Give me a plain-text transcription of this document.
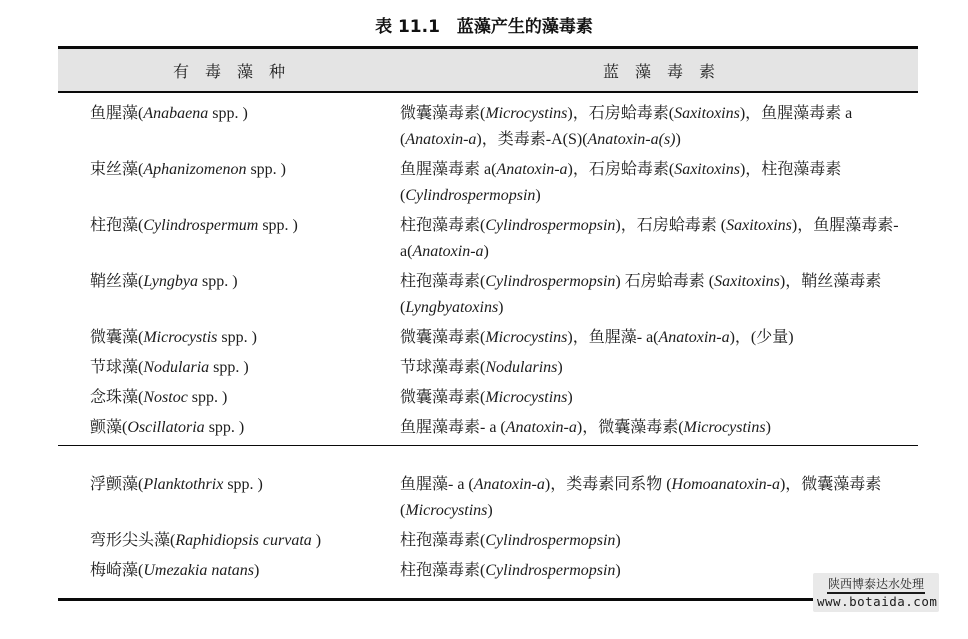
表 11.1　蓝藻产生的藻毒素
有　毒　藻　种	蓝　藻　毒　素
鱼腥藻(Anabaena spp. )	微囊藻毒素(Microcystins)，石房蛤毒素(Saxitoxins)，鱼腥藻毒素 a (Anatoxin-a)，类毒素-A(S)(Anatoxin-a(s))
束丝藻(Aphanizomenon spp. )	鱼腥藻毒素 a(Anatoxin-a)，石房蛤毒素(Saxitoxins)，柱孢藻毒素(Cylindrospermopsin)
柱孢藻(Cylindrospermum spp. )	柱孢藻毒素(Cylindrospermopsin)，石房蛤毒素 (Saxitoxins)，鱼腥藻毒素- a(Anatoxin-a)
鞘丝藻(Lyngbya spp. )	柱孢藻毒素(Cylindrospermopsin) 石房蛤毒素 (Saxitoxins)，鞘丝藻毒素(Lyngbyatoxins)
微囊藻(Microcystis spp. )	微囊藻毒素(Microcystins)，鱼腥藻- a(Anatoxin-a)，(少量)
节球藻(Nodularia spp. )	节球藻毒素(Nodularins)
念珠藻(Nostoc spp. )	微囊藻毒素(Microcystins)
颤藻(Oscillatoria spp. )	鱼腥藻毒素- a (Anatoxin-a)，微囊藻毒素(Microcystins)
浮颤藻(Planktothrix spp. )	鱼腥藻- a (Anatoxin-a)，类毒素同系物 (Homoanatoxin-a)，微囊藻毒素(Microcystins)
弯形尖头藻(Raphidiopsis curvata )	柱孢藻毒素(Cylindrospermopsin)
梅崎藻(Umezakia natans)	柱孢藻毒素(Cylindrospermopsin)
陕西博泰达水处理
www.botaida.com
